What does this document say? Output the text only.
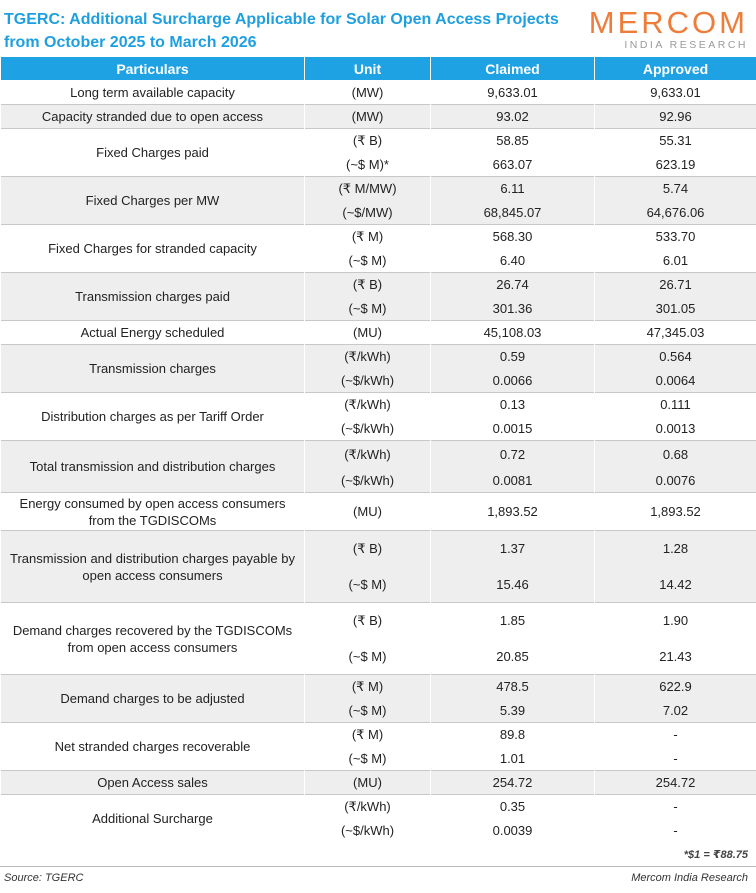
TGERC: Additional Surcharge Applicable for Solar Open Access Projects from October 2025 to March 2026
MERCOM
INDIA RESEARCH
Particulars	Unit	Claimed	Approved
Long term available capacity	(MW)	9,633.01	9,633.01
Capacity stranded due to open access	(MW)	93.02	92.96
Fixed Charges paid	(₹ B)	58.85	55.31
	(~$ M)*	663.07	623.19
Fixed Charges per MW	(₹ M/MW)	6.11	5.74
	(~$/MW)	68,845.07	64,676.06
Fixed Charges for stranded capacity	(₹ M)	568.30	533.70
	(~$ M)	6.40	6.01
Transmission charges paid	(₹ B)	26.74	26.71
	(~$ M)	301.36	301.05
Actual Energy scheduled	(MU)	45,108.03	47,345.03
Transmission charges	(₹/kWh)	0.59	0.564
	(~$/kWh)	0.0066	0.0064
Distribution charges as per Tariff Order	(₹/kWh)	0.13	0.111
	(~$/kWh)	0.0015	0.0013
Total transmission and distribution charges	(₹/kWh)	0.72	0.68
	(~$/kWh)	0.0081	0.0076
Energy consumed by open access consumers from the TGDISCOMs	(MU)	1,893.52	1,893.52
Transmission and distribution charges payable by open access consumers	(₹ B)	1.37	1.28
	(~$ M)	15.46	14.42
Demand charges recovered by the TGDISCOMs from open access consumers	(₹ B)	1.85	1.90
	(~$ M)	20.85	21.43
Demand charges to be adjusted	(₹ M)	478.5	622.9
	(~$ M)	5.39	7.02
Net stranded charges recoverable	(₹ M)	89.8	-
	(~$ M)	1.01	-
Open Access sales	(MU)	254.72	254.72
Additional Surcharge	(₹/kWh)	0.35	-
	(~$/kWh)	0.0039	-
*$1 = ₹88.75
Source: TGERC	Mercom India Research
